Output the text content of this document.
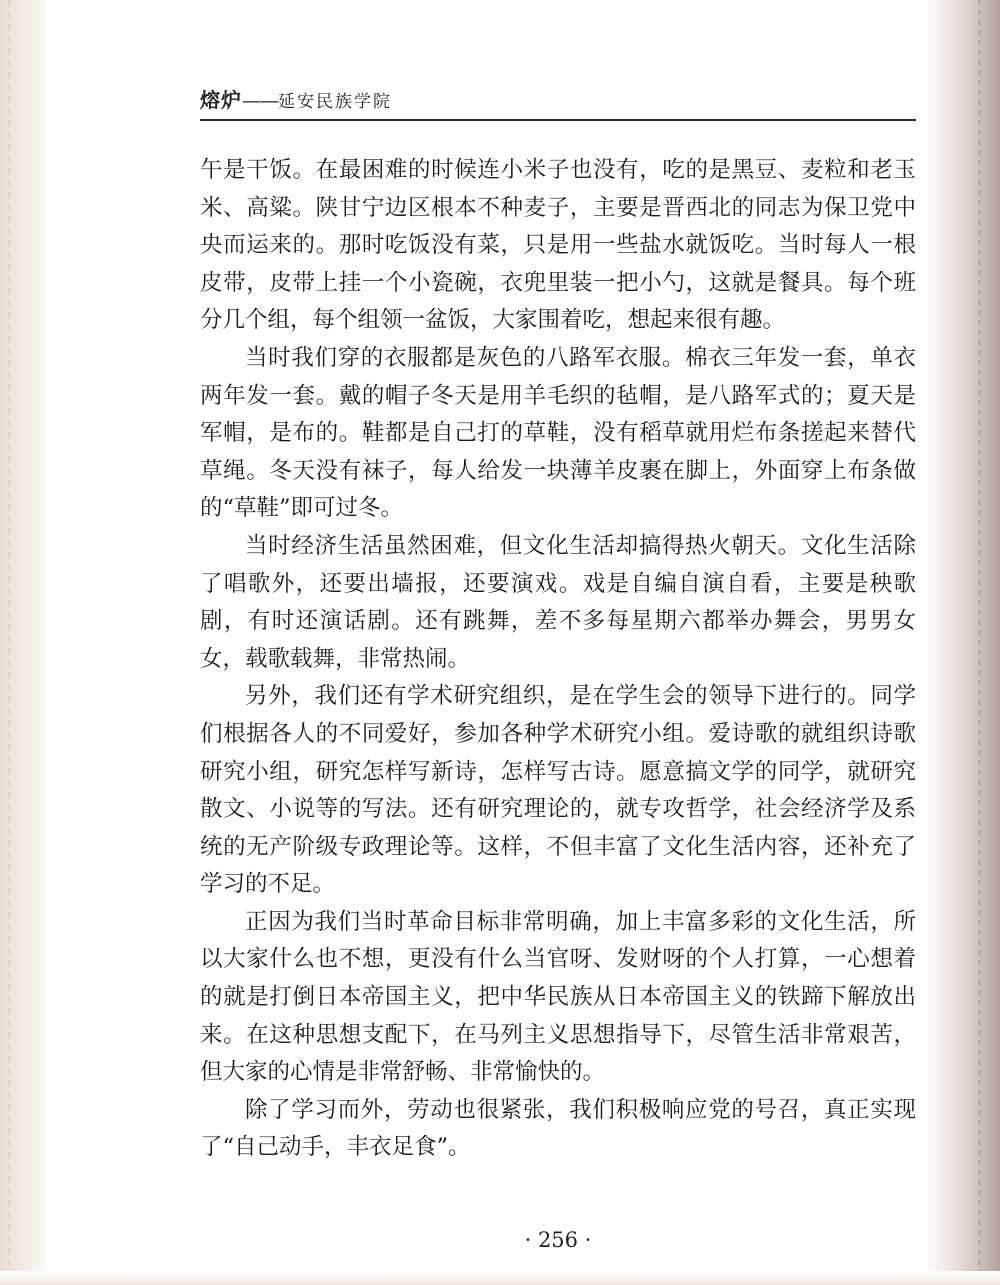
熔炉——延安民族学院

午是干饭。在最困难的时候连小米子也没有，吃的是黑豆、麦粒和老玉米、高粱。陕甘宁边区根本不种麦子，主要是晋西北的同志为保卫党中央而运来的。那时吃饭没有菜，只是用一些盐水就饭吃。当时每人一根皮带，皮带上挂一个小瓷碗，衣兜里装一把小勺，这就是餐具。每个班分几个组，每个组领一盆饭，大家围着吃，想起来很有趣。

当时我们穿的衣服都是灰色的八路军衣服。棉衣三年发一套，单衣两年发一套。戴的帽子冬天是用羊毛织的毡帽，是八路军式的；夏天是军帽，是布的。鞋都是自己打的草鞋，没有稻草就用烂布条搓起来替代草绳。冬天没有袜子，每人给发一块薄羊皮裹在脚上，外面穿上布条做的“草鞋”即可过冬。

当时经济生活虽然困难，但文化生活却搞得热火朝天。文化生活除了唱歌外，还要出墙报，还要演戏。戏是自编自演自看，主要是秧歌剧，有时还演话剧。还有跳舞，差不多每星期六都举办舞会，男男女女，载歌载舞，非常热闹。

另外，我们还有学术研究组织，是在学生会的领导下进行的。同学们根据各人的不同爱好，参加各种学术研究小组。爱诗歌的就组织诗歌研究小组，研究怎样写新诗，怎样写古诗。愿意搞文学的同学，就研究散文、小说等的写法。还有研究理论的，就专攻哲学，社会经济学及系统的无产阶级专政理论等。这样，不但丰富了文化生活内容，还补充了学习的不足。

正因为我们当时革命目标非常明确，加上丰富多彩的文化生活，所以大家什么也不想，更没有什么当官呀、发财呀的个人打算，一心想着的就是打倒日本帝国主义，把中华民族从日本帝国主义的铁蹄下解放出来。在这种思想支配下，在马列主义思想指导下，尽管生活非常艰苦，但大家的心情是非常舒畅、非常愉快的。

除了学习而外，劳动也很紧张，我们积极响应党的号召，真正实现了“自己动手，丰衣足食”。

· 256 ·
